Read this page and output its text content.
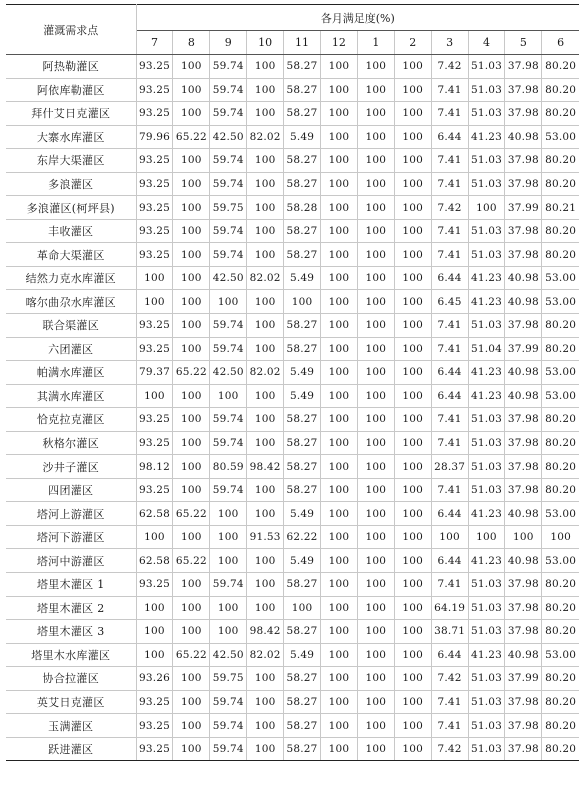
灌溉需求点	各月满足度(%)											
	7	8	9	10	11	12	1	2	3	4	5	6
阿热勒灌区	93.25	100	59.74	100	58.27	100	100	100	7.42	51.03	37.98	80.20
阿依库勒灌区	93.25	100	59.74	100	58.27	100	100	100	7.41	51.03	37.98	80.20
拜什艾日克灌区	93.25	100	59.74	100	58.27	100	100	100	7.41	51.03	37.98	80.20
大寨水库灌区	79.96	65.22	42.50	82.02	5.49	100	100	100	6.44	41.23	40.98	53.00
东岸大渠灌区	93.25	100	59.74	100	58.27	100	100	100	7.41	51.03	37.98	80.20
多浪灌区	93.25	100	59.74	100	58.27	100	100	100	7.41	51.03	37.98	80.20
多浪灌区(柯坪县)	93.25	100	59.75	100	58.28	100	100	100	7.42	100	37.99	80.21
丰收灌区	93.25	100	59.74	100	58.27	100	100	100	7.41	51.03	37.98	80.20
革命大渠灌区	93.25	100	59.74	100	58.27	100	100	100	7.41	51.03	37.98	80.20
结然力克水库灌区	100	100	42.50	82.02	5.49	100	100	100	6.44	41.23	40.98	53.00
喀尔曲尕水库灌区	100	100	100	100	100	100	100	100	6.45	41.23	40.98	53.00
联合渠灌区	93.25	100	59.74	100	58.27	100	100	100	7.41	51.03	37.98	80.20
六团灌区	93.25	100	59.74	100	58.27	100	100	100	7.41	51.04	37.99	80.20
帕满水库灌区	79.37	65.22	42.50	82.02	5.49	100	100	100	6.44	41.23	40.98	53.00
其满水库灌区	100	100	100	100	5.49	100	100	100	6.44	41.23	40.98	53.00
恰克拉克灌区	93.25	100	59.74	100	58.27	100	100	100	7.41	51.03	37.98	80.20
秋格尔灌区	93.25	100	59.74	100	58.27	100	100	100	7.41	51.03	37.98	80.20
沙井子灌区	98.12	100	80.59	98.42	58.27	100	100	100	28.37	51.03	37.98	80.20
四团灌区	93.25	100	59.74	100	58.27	100	100	100	7.41	51.03	37.98	80.20
塔河上游灌区	62.58	65.22	100	100	5.49	100	100	100	6.44	41.23	40.98	53.00
塔河下游灌区	100	100	100	91.53	62.22	100	100	100	100	100	100	100
塔河中游灌区	62.58	65.22	100	100	5.49	100	100	100	6.44	41.23	40.98	53.00
塔里木灌区 1	93.25	100	59.74	100	58.27	100	100	100	7.41	51.03	37.98	80.20
塔里木灌区 2	100	100	100	100	100	100	100	100	64.19	51.03	37.98	80.20
塔里木灌区 3	100	100	100	98.42	58.27	100	100	100	38.71	51.03	37.98	80.20
塔里木水库灌区	100	65.22	42.50	82.02	5.49	100	100	100	6.44	41.23	40.98	53.00
协合拉灌区	93.26	100	59.75	100	58.27	100	100	100	7.42	51.03	37.99	80.20
英艾日克灌区	93.25	100	59.74	100	58.27	100	100	100	7.41	51.03	37.98	80.20
玉满灌区	93.25	100	59.74	100	58.27	100	100	100	7.41	51.03	37.98	80.20
跃进灌区	93.25	100	59.74	100	58.27	100	100	100	7.42	51.03	37.98	80.20
